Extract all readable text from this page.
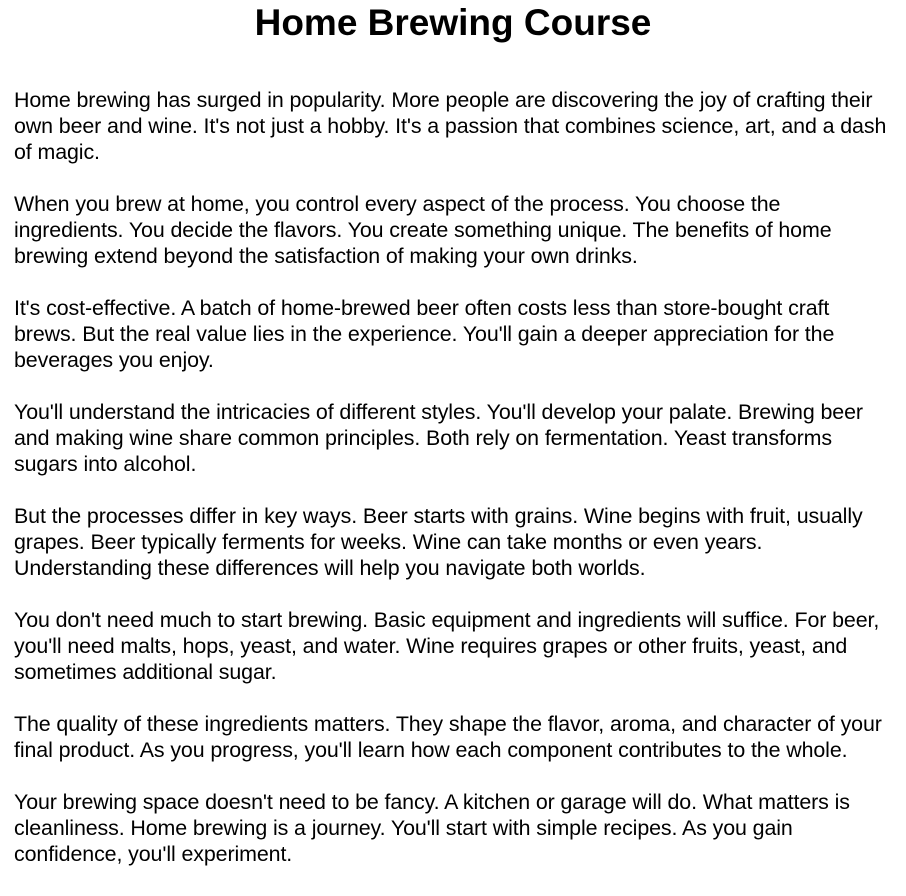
Home Brewing Course

Home brewing has surged in popularity. More people are discovering the joy of crafting their own beer and wine. It's not just a hobby. It's a passion that combines science, art, and a dash of magic.

When you brew at home, you control every aspect of the process. You choose the ingredients. You decide the flavors. You create something unique. The benefits of home brewing extend beyond the satisfaction of making your own drinks.

It's cost-effective. A batch of home-brewed beer often costs less than store-bought craft brews. But the real value lies in the experience. You'll gain a deeper appreciation for the beverages you enjoy.

You'll understand the intricacies of different styles. You'll develop your palate. Brewing beer and making wine share common principles. Both rely on fermentation. Yeast transforms sugars into alcohol.

But the processes differ in key ways. Beer starts with grains. Wine begins with fruit, usually grapes. Beer typically ferments for weeks. Wine can take months or even years. Understanding these differences will help you navigate both worlds.

You don't need much to start brewing. Basic equipment and ingredients will suffice. For beer, you'll need malts, hops, yeast, and water. Wine requires grapes or other fruits, yeast, and sometimes additional sugar.

The quality of these ingredients matters. They shape the flavor, aroma, and character of your final product. As you progress, you'll learn how each component contributes to the whole.

Your brewing space doesn't need to be fancy. A kitchen or garage will do. What matters is cleanliness. Home brewing is a journey. You'll start with simple recipes. As you gain confidence, you'll experiment.
